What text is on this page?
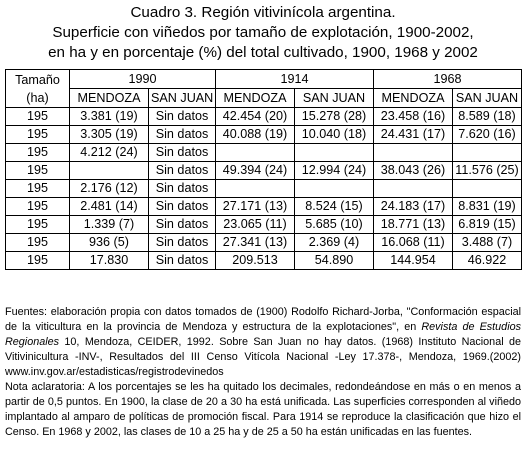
Cuadro 3. Región vitivinícola argentina.
Superficie con viñedos por tamaño de explotación, 1900-2002,
en ha y en porcentaje (%) del total cultivado, 1900, 1968 y 2002
Tamaño
(ha)	1990		1914		1968	
	MENDOZA	SAN JUAN	MENDOZA	SAN JUAN	MENDOZA	SAN JUAN
195	3.381 (19)	Sin datos	42.454 (20)	15.278 (28)	23.458 (16)	8.589 (18)
195	3.305 (19)	Sin datos	40.088 (19)	10.040 (18)	24.431 (17)	7.620 (16)
195	4.212 (24)	Sin datos				
195		Sin datos	49.394 (24)	12.994 (24)	38.043 (26)	11.576 (25)
195	2.176 (12)	Sin datos				
195	2.481 (14)	Sin datos	27.171 (13)	8.524 (15)	24.183 (17)	8.831 (19)
195	1.339 (7)	Sin datos	23.065 (11)	5.685 (10)	18.771 (13)	6.819 (15)
195	936 (5)	Sin datos	27.341 (13)	2.369 (4)	16.068 (11)	3.488 (7)
195	17.830	Sin datos	209.513	54.890	144.954	46.922

Fuentes: elaboración propia con datos tomados de (1900) Rodolfo Richard-Jorba, "Conformación espacial de la viticultura en la provincia de Mendoza y estructura de la explotaciones", en Revista de Estudios Regionales 10, Mendoza, CEIDER, 1992. Sobre San Juan no hay datos. (1968) Instituto Nacional de Vitivinicultura -INV-, Resultados del III Censo Vitícola Nacional -Ley 17.378-, Mendoza, 1969.(2002) www.inv.gov.ar/estadisticas/registrodevinedos

Nota aclaratoria: A los porcentajes se les ha quitado los decimales, redondeándose en más o en menos a partir de 0,5 puntos. En 1900, la clase de 20 a 30 ha está unificada. Las superficies corresponden al viñedo implantado al amparo de políticas de promoción fiscal. Para 1914 se reproduce la clasificación que hizo el Censo. En 1968 y 2002, las clases de 10 a 25 ha y de 25 a 50 ha están unificadas en las fuentes.
